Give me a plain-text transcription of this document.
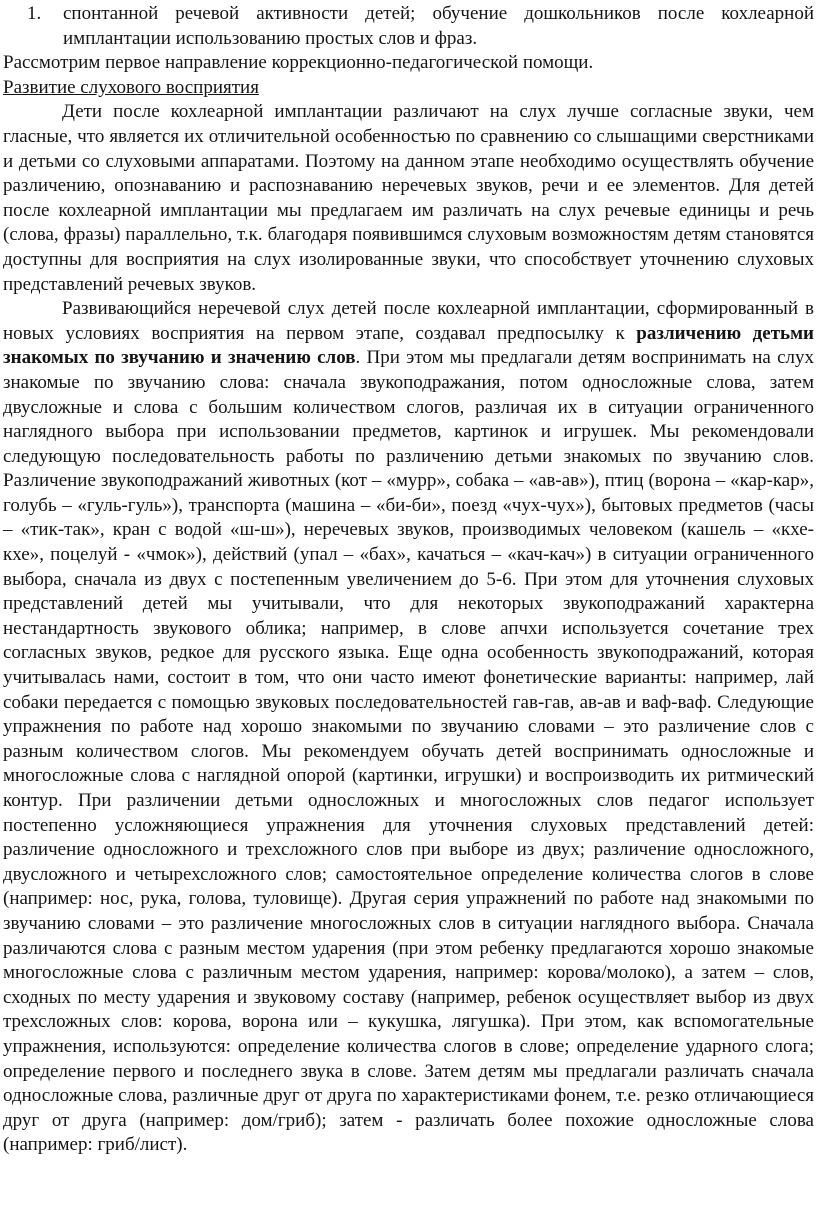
1.	спонтанной речевой активности детей; обучение дошкольников после кохлеарной имплантации использованию простых слов и фраз.

Рассмотрим первое направление коррекционно-педагогической помощи.

Развитие слухового восприятия

Дети после кохлеарной имплантации различают на слух лучше согласные звуки, чем гласные, что является их отличительной особенностью по сравнению со слышащими сверстниками и детьми со слуховыми аппаратами. Поэтому на данном этапе необходимо осуществлять обучение различению, опознаванию и распознаванию неречевых звуков, речи и ее элементов. Для детей после кохлеарной имплантации мы предлагаем им различать на слух речевые единицы и речь (слова, фразы) параллельно, т.к. благодаря появившимся слуховым возможностям детям становятся доступны для восприятия на слух изолированные звуки, что способствует уточнению слуховых представлений речевых звуков.

Развивающийся неречевой слух детей после кохлеарной имплантации, сформированный в новых условиях восприятия на первом этапе, создавал предпосылку к различению детьми знакомых по звучанию и значению слов. При этом мы предлагали детям воспринимать на слух знакомые по звучанию слова: сначала звукоподражания, потом односложные слова, затем двусложные и слова с большим количеством слогов, различая их в ситуации ограниченного наглядного выбора при использовании предметов, картинок и игрушек. Мы рекомендовали следующую последовательность работы по различению детьми знакомых по звучанию слов. Различение звукоподражаний животных (кот – «мурр», собака – «ав-ав»), птиц (ворона – «кар-кар», голубь – «гуль-гуль»), транспорта (машина – «би-би», поезд «чух-чух»), бытовых предметов (часы – «тик-так», кран с водой «ш-ш»), неречевых звуков, производимых человеком (кашель – «кхе-кхе», поцелуй - «чмок»), действий (упал – «бах», качаться – «кач-кач») в ситуации ограниченного выбора, сначала из двух с постепенным увеличением до 5-6. При этом для уточнения слуховых представлений детей мы учитывали, что для некоторых звукоподражаний характерна нестандартность звукового облика; например, в слове апчхи используется сочетание трех согласных звуков, редкое для русского языка. Еще одна особенность звукоподражаний, которая учитывалась нами, состоит в том, что они часто имеют фонетические варианты: например, лай собаки передается с помощью звуковых последовательностей гав-гав, ав-ав и ваф-ваф. Следующие упражнения по работе над хорошо знакомыми по звучанию словами – это различение слов с разным количеством слогов. Мы рекомендуем обучать детей воспринимать односложные и многосложные слова с наглядной опорой (картинки, игрушки) и воспроизводить их ритмический контур. При различении детьми односложных и многосложных слов педагог использует постепенно усложняющиеся упражнения для уточнения слуховых представлений детей: различение односложного и трехсложного слов при выборе из двух; различение односложного, двусложного и четырехсложного слов; самостоятельное определение количества слогов в слове (например: нос, рука, голова, туловище). Другая серия упражнений по работе над знакомыми по звучанию словами – это различение многосложных слов в ситуации наглядного выбора. Сначала различаются слова с разным местом ударения (при этом ребенку предлагаются хорошо знакомые многосложные слова с различным местом ударения, например: корова/молоко), а затем – слов, сходных по месту ударения и звуковому составу (например, ребенок осуществляет выбор из двух трехсложных слов: корова, ворона или – кукушка, лягушка). При этом, как вспомогательные упражнения, используются: определение количества слогов в слове; определение ударного слога; определение первого и последнего звука в слове. Затем детям мы предлагали различать сначала односложные слова, различные друг от друга по характеристиками фонем, т.е. резко отличающиеся друг от друга (например: дом/гриб); затем - различать более похожие односложные слова (например: гриб/лист).
